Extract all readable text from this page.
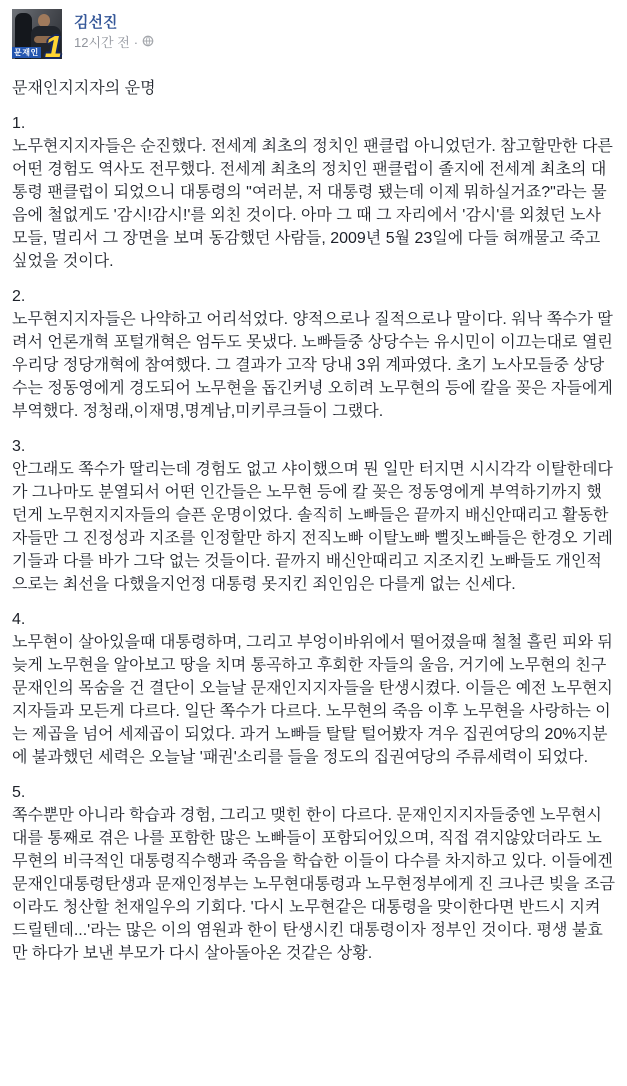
문재인 1
김선진
12시간 전 ·

문재인지지자의 운명

1.
노무현지지자들은 순진했다. 전세계 최초의 정치인 팬클럽 아니었던가. 참고할만한 다른 어떤 경험도 역사도 전무했다. 전세계 최초의 정치인 팬클럽이 졸지에 전세계 최초의 대통령 팬클럽이 되었으니 대통령의 "여러분, 저 대통령 됐는데 이제 뭐하실거죠?"라는 물음에 철없게도 '감시!감시!'를 외친 것이다. 아마 그 때 그 자리에서 '감시'를 외쳤던 노사모들, 멀리서 그 장면을 보며 동감했던 사람들, 2009년 5월 23일에 다들 혀깨물고 죽고 싶었을 것이다.
2.
노무현지지자들은 나약하고 어리석었다. 양적으로나 질적으로나 말이다. 워낙 쪽수가 딸려서 언론개혁 포털개혁은 엄두도 못냈다. 노빠들중 상당수는 유시민이 이끄는대로 열린우리당 정당개혁에 참여했다. 그 결과가 고작 당내 3위 계파였다. 초기 노사모들중 상당수는 정동영에게 경도되어 노무현을 돕긴커녕 오히려 노무현의 등에 칼을 꽂은 자들에게 부역했다. 정청래,이재명,명계남,미키루크들이 그랬다.
3.
안그래도 쪽수가 딸리는데 경험도 없고 샤이했으며 뭔 일만 터지면 시시각각 이탈한데다가 그나마도 분열되서 어떤 인간들은 노무현 등에 칼 꽂은 정동영에게 부역하기까지 했던게 노무현지지자들의 슬픈 운명이었다. 솔직히 노빠들은 끝까지 배신안때리고 활동한 자들만 그 진정성과 지조를 인정할만 하지 전직노빠 이탈노빠 뻘짓노빠들은 한경오 기레기들과 다를 바가 그닥 없는 것들이다. 끝까지 배신안때리고 지조지킨 노빠들도 개인적으로는 최선을 다했을지언정 대통령 못지킨 죄인임은 다를게 없는 신세다.
4.
노무현이 살아있을때 대통령하며, 그리고 부엉이바위에서 떨어졌을때 철철 흘린 피와 뒤늦게 노무현을 알아보고 땅을 치며 통곡하고 후회한 자들의 울음, 거기에 노무현의 친구 문재인의 목숨을 건 결단이 오늘날 문재인지지자들을 탄생시켰다. 이들은 예전 노무현지지자들과 모든게 다르다. 일단 쪽수가 다르다. 노무현의 죽음 이후 노무현을 사랑하는 이는 제곱을 넘어 세제곱이 되었다. 과거 노빠들 탈탈 털어봤자 겨우 집권여당의 20%지분에 불과했던 세력은 오늘날 '패권'소리를 들을 정도의 집권여당의 주류세력이 되었다.
5.
쪽수뿐만 아니라 학습과 경험, 그리고 맺힌 한이 다르다. 문재인지지자들중엔 노무현시대를 통째로 겪은 나를 포함한 많은 노빠들이 포함되어있으며, 직접 겪지않았더라도 노무현의 비극적인 대통령직수행과 죽음을 학습한 이들이 다수를 차지하고 있다. 이들에겐 문재인대통령탄생과 문재인정부는 노무현대통령과 노무현정부에게 진 크나큰 빚을 조금이라도 청산할 천재일우의 기회다. '다시 노무현같은 대통령을 맞이한다면 반드시 지켜드릴텐데...'라는 많은 이의 염원과 한이 탄생시킨 대통령이자 정부인 것이다. 평생 불효만 하다가 보낸 부모가 다시 살아돌아온 것같은 상황.
